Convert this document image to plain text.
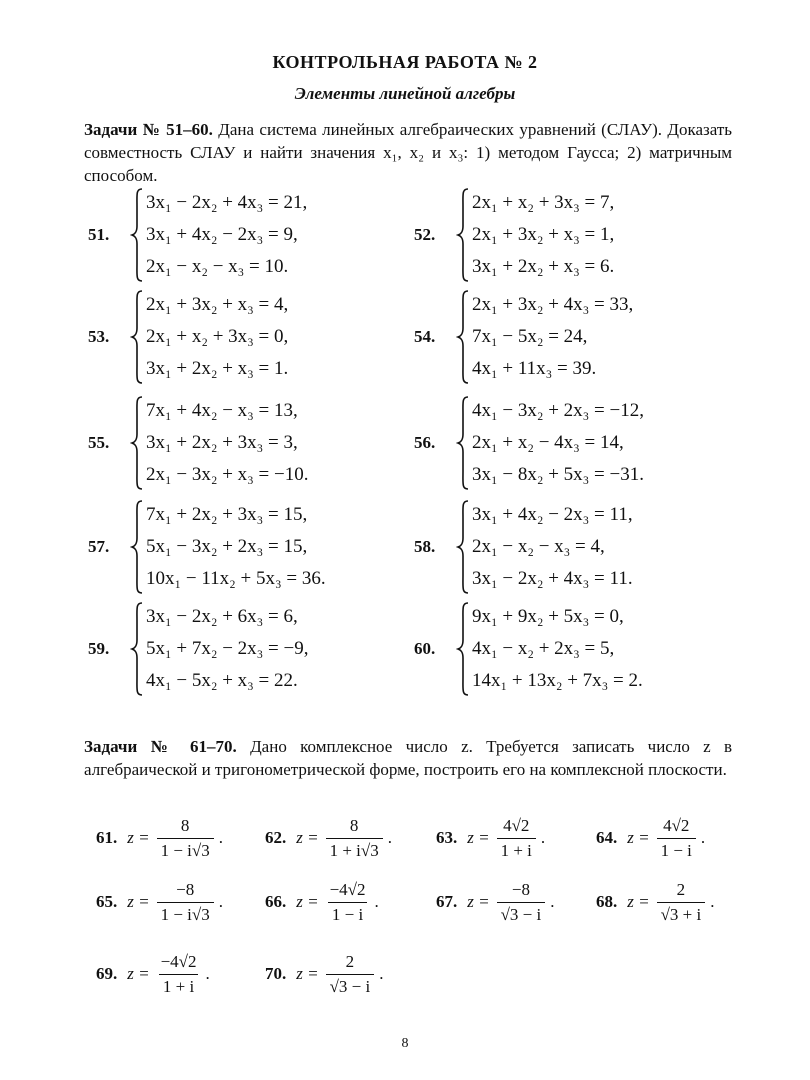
КОНТРОЛЬНАЯ РАБОТА № 2
Элементы линейной алгебры
Задачи № 51–60. Дана система линейных алгебраических уравнений (СЛАУ). Доказать совместность СЛАУ и найти значения x₁, x₂ и x₃: 1) методом Гаусса; 2) матричным способом.
51.
3x₁ − 2x₂ + 4x₃ = 21,
3x₁ + 4x₂ − 2x₃ = 9,
2x₁ − x₂ − x₃ = 10.
52.
2x₁ + x₂ + 3x₃ = 7,
2x₁ + 3x₂ + x₃ = 1,
3x₁ + 2x₂ + x₃ = 6.
53.
2x₁ + 3x₂ + x₃ = 4,
2x₁ + x₂ + 3x₃ = 0,
3x₁ + 2x₂ + x₃ = 1.
54.
2x₁ + 3x₂ + 4x₃ = 33,
7x₁ − 5x₂ = 24,
4x₁ + 11x₃ = 39.
55.
7x₁ + 4x₂ − x₃ = 13,
3x₁ + 2x₂ + 3x₃ = 3,
2x₁ − 3x₂ + x₃ = −10.
56.
4x₁ − 3x₂ + 2x₃ = −12,
2x₁ + x₂ − 4x₃ = 14,
3x₁ − 8x₂ + 5x₃ = −31.
57.
7x₁ + 2x₂ + 3x₃ = 15,
5x₁ − 3x₂ + 2x₃ = 15,
10x₁ − 11x₂ + 5x₃ = 36.
58.
3x₁ + 4x₂ − 2x₃ = 11,
2x₁ − x₂ − x₃ = 4,
3x₁ − 2x₂ + 4x₃ = 11.
59.
3x₁ − 2x₂ + 6x₃ = 6,
5x₁ + 7x₂ − 2x₃ = −9,
4x₁ − 5x₂ + x₃ = 22.
60.
9x₁ + 9x₂ + 5x₃ = 0,
4x₁ − x₂ + 2x₃ = 5,
14x₁ + 13x₂ + 7x₃ = 2.
Задачи № 61–70. Дано комплексное число z. Требуется записать число z в алгебраической и тригонометрической форме, построить его на комплексной плоскости.
61. $z = \frac{8}{1 - i√3}$ . 62. $z = \frac{8}{1 + i√3}$ .	63. $z = \frac{4√2}{1 + i}$ .	64. $z = \frac{4√2}{1 - i}$ .
65. $z = \frac{-8}{1 - i√3}$ . 66. $z = \frac{-4√2}{1 - i}$ .	67. $z = \frac{-8}{√3 - i}$ . 68. $z = \frac{2}{√3 + i}$ .
69. $z = \frac{-4√2}{1 + i}$ .	70. $z = \frac{2}{√3 - i}$ .
8
